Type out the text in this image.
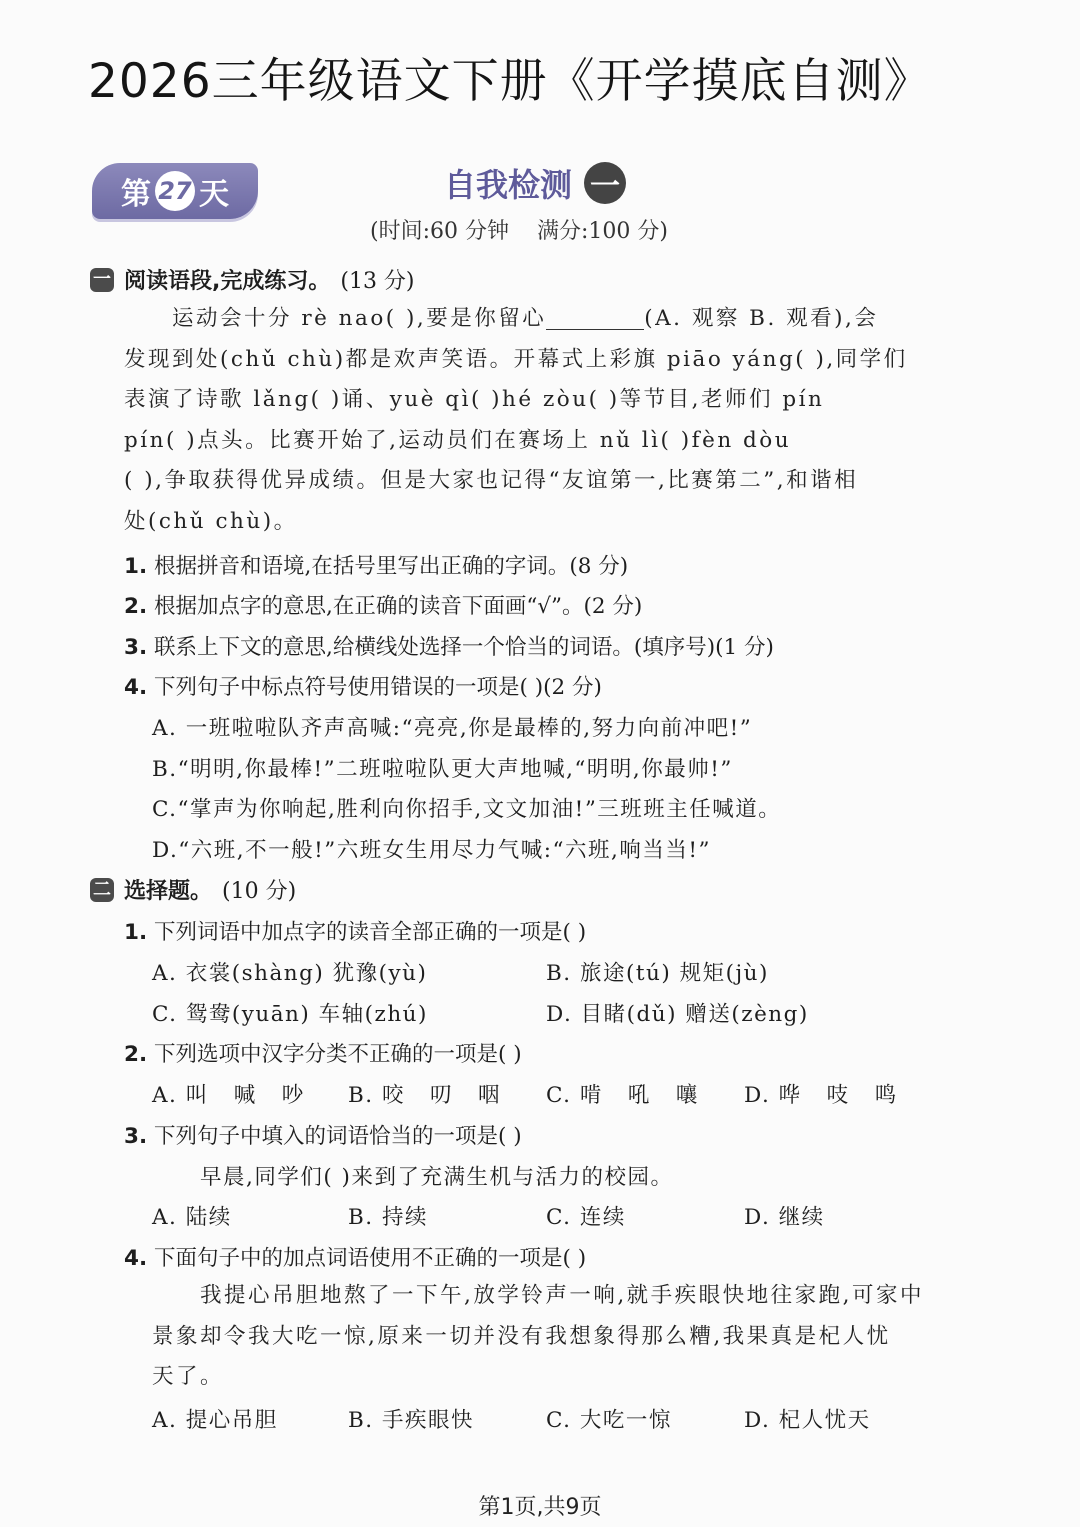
2026三年级语文下册《开学摸底自测》
第 27 天	自我检测 一
(时间:60 分钟 满分:100 分)
一 阅读语段,完成练习。 (13 分)

运动会十分 rè nao( ),要是你留心	(A. 观察 B. 观看),会

发现到处(chǔ chù)都是欢声笑语。开幕式上彩旗 piāo yáng( ),同学们

表演了诗歌 lǎng( )诵、yuè qì( )hé zòu( )等节目,老师们 pín

pín( )点头。比赛开始了,运动员们在赛场上 nǔ lì( )fèn dòu

( ),争取获得优异成绩。但是大家也记得“友谊第一,比赛第二”,和谐相

处(chǔ chù)。

1. 根据拼音和语境,在括号里写出正确的字词。(8 分)
2. 根据加点字的意思,在正确的读音下面画“√”。(2 分)
3. 联系上下文的意思,给横线处选择一个恰当的词语。(填序号)(1 分)
4. 下列句子中标点符号使用错误的一项是( )(2 分)
A. 一班啦啦队齐声高喊:“亮亮,你是最棒的,努力向前冲吧!”
B.“明明,你最棒!”二班啦啦队更大声地喊,“明明,你最帅!”
C.“掌声为你响起,胜利向你招手,文文加油!”三班班主任喊道。
D.“六班,不一般!”六班女生用尽力气喊:“六班,响当当!”
二 选择题。 (10 分)
1. 下列词语中加点字的读音全部正确的一项是( )
A. 衣裳(shàng) 犹豫(yù)	B. 旅途(tú) 规矩(jù)
C. 鸳鸯(yuān) 车轴(zhú)	D. 目睹(dǔ) 赠送(zèng)
2. 下列选项中汉字分类不正确的一项是( )
A. 叫   喊   吵 B. 咬   叨   咽 C. 啃   吼   嚷 D. 哗   吱   鸣
3. 下列句子中填入的词语恰当的一项是( )
早晨,同学们( )来到了充满生机与活力的校园。
A. 陆续	B. 持续	C. 连续	D. 继续
4. 下面句子中的加点词语使用不正确的一项是( )

我提心吊胆地熬了一下午,放学铃声一响,就手疾眼快地往家跑,可家中

景象却令我大吃一惊,原来一切并没有我想象得那么糟,我果真是杞人忧

天了。

A. 提心吊胆	B. 手疾眼快	C. 大吃一惊	D. 杞人忧天
第1页,共9页
